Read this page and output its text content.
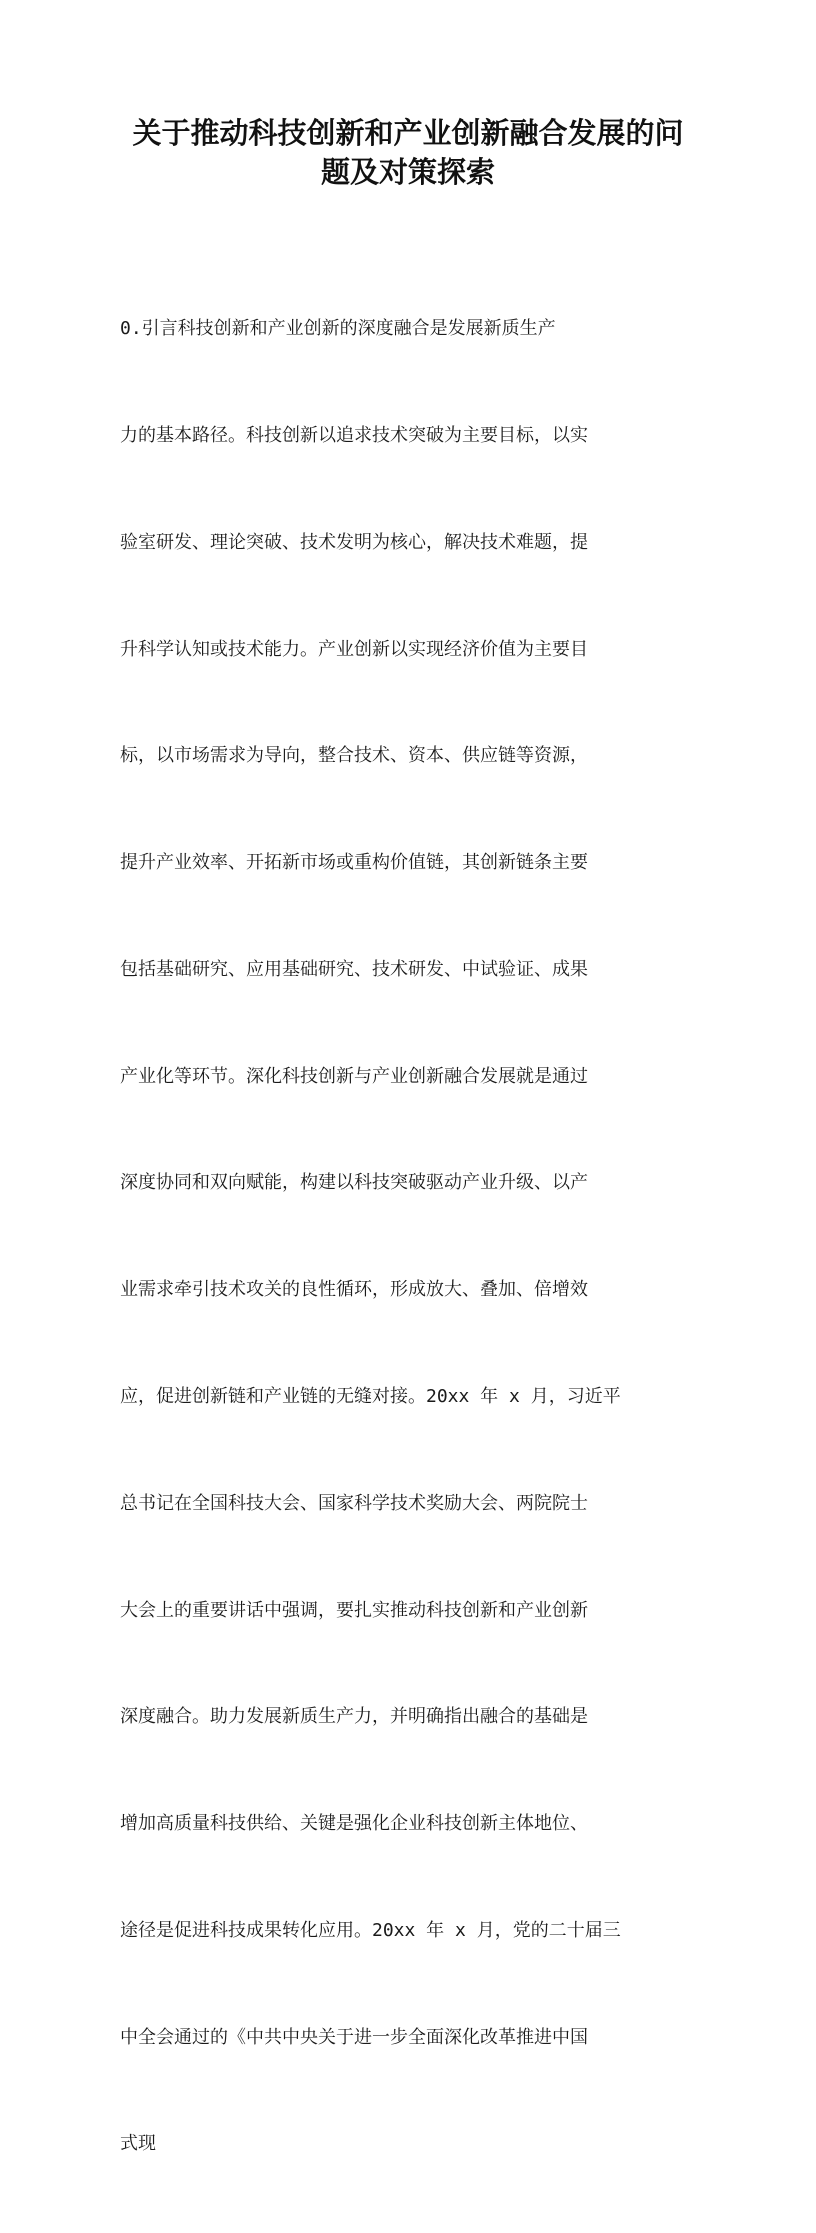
关于推动科技创新和产业创新融合发展的问
题及对策探索

0.引言科技创新和产业创新的深度融合是发展新质生产

力的基本路径。科技创新以追求技术突破为主要目标，以实

验室研发、理论突破、技术发明为核心，解决技术难题，提

升科学认知或技术能力。产业创新以实现经济价值为主要目

标，以市场需求为导向，整合技术、资本、供应链等资源，

提升产业效率、开拓新市场或重构价值链，其创新链条主要

包括基础研究、应用基础研究、技术研发、中试验证、成果

产业化等环节。深化科技创新与产业创新融合发展就是通过

深度协同和双向赋能，构建以科技突破驱动产业升级、以产

业需求牵引技术攻关的良性循环，形成放大、叠加、倍增效

应，促进创新链和产业链的无缝对接。20xx 年 x 月，习近平

总书记在全国科技大会、国家科学技术奖励大会、两院院士

大会上的重要讲话中强调，要扎实推动科技创新和产业创新

深度融合。助力发展新质生产力，并明确指出融合的基础是

增加高质量科技供给、关键是强化企业科技创新主体地位、

途径是促进科技成果转化应用。20xx 年 x 月，党的二十届三

中全会通过的《中共中央关于进一步全面深化改革推进中国

式现
